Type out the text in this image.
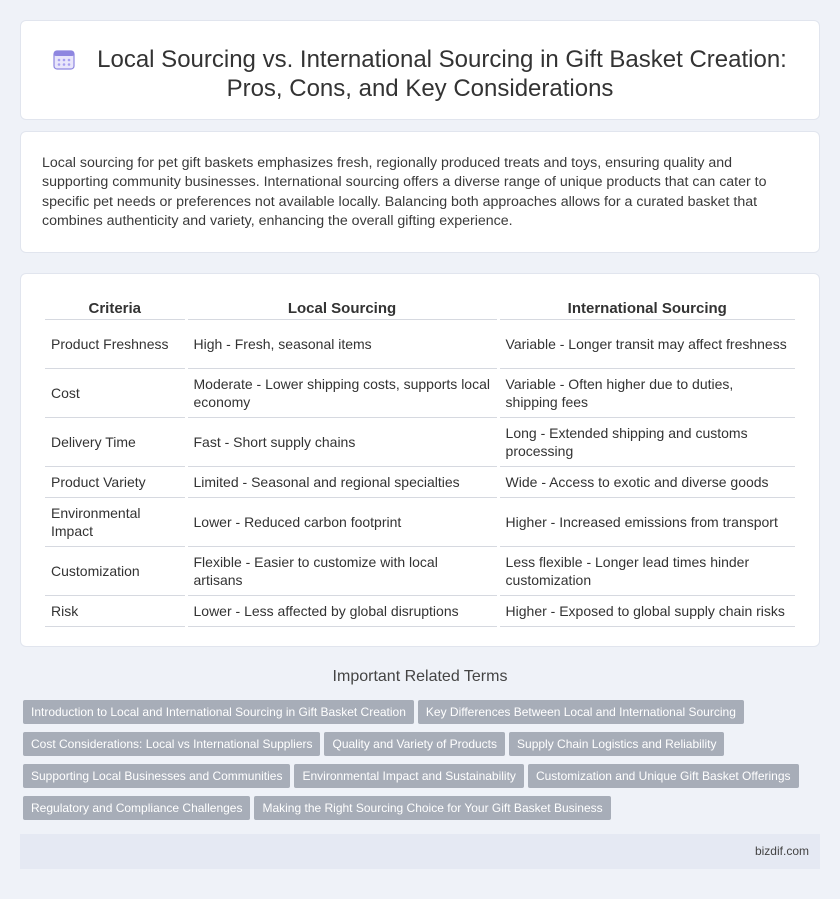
Local Sourcing vs. International Sourcing in Gift Basket Creation: Pros, Cons, and Key Considerations

Local sourcing for pet gift baskets emphasizes fresh, regionally produced treats and toys, ensuring quality and supporting community businesses. International sourcing offers a diverse range of unique products that can cater to specific pet needs or preferences not available locally. Balancing both approaches allows for a curated basket that combines authenticity and variety, enhancing the overall gifting experience.

Criteria	Local Sourcing	International Sourcing
Product Freshness	High - Fresh, seasonal items	Variable - Longer transit may affect freshness
Cost	Moderate - Lower shipping costs, supports local economy	Variable - Often higher due to duties, shipping fees
Delivery Time	Fast - Short supply chains	Long - Extended shipping and customs processing
Product Variety	Limited - Seasonal and regional specialties	Wide - Access to exotic and diverse goods
Environmental Impact	Lower - Reduced carbon footprint	Higher - Increased emissions from transport
Customization	Flexible - Easier to customize with local artisans	Less flexible - Longer lead times hinder customization
Risk	Lower - Less affected by global disruptions	Higher - Exposed to global supply chain risks
Important Related Terms
Introduction to Local and International Sourcing in Gift Basket Creation Key Differences Between Local and International Sourcing
Cost Considerations: Local vs International Suppliers Quality and Variety of Products Supply Chain Logistics and Reliability
Supporting Local Businesses and Communities Environmental Impact and Sustainability Customization and Unique Gift Basket Offerings
Regulatory and Compliance Challenges Making the Right Sourcing Choice for Your Gift Basket Business
bizdif.com
